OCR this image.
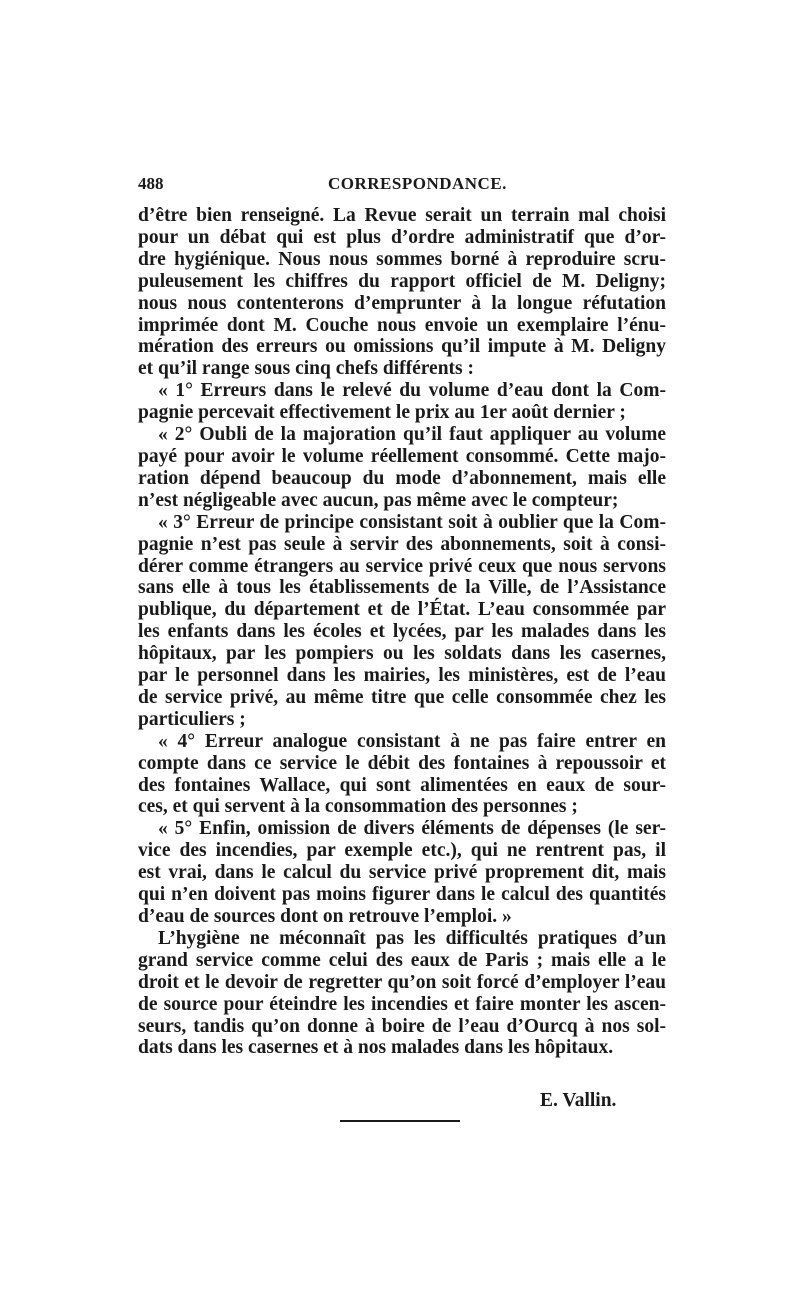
488	CORRESPONDANCE.
d’être bien renseigné. La Revue serait un terrain mal choisi
pour un débat qui est plus d’ordre administratif que d’or-
dre hygiénique. Nous nous sommes borné à reproduire scru-
puleusement les chiffres du rapport officiel de M. Deligny;
nous nous contenterons d’emprunter à la longue réfutation
imprimée dont M. Couche nous envoie un exemplaire l’énu-
mération des erreurs ou omissions qu’il impute à M. Deligny
et qu’il range sous cinq chefs différents :
« 1° Erreurs dans le relevé du volume d’eau dont la Com-
pagnie percevait effectivement le prix au 1er août dernier ;
« 2° Oubli de la majoration qu’il faut appliquer au volume
payé pour avoir le volume réellement consommé. Cette majo-
ration dépend beaucoup du mode d’abonnement, mais elle
n’est négligeable avec aucun, pas même avec le compteur;
« 3° Erreur de principe consistant soit à oublier que la Com-
pagnie n’est pas seule à servir des abonnements, soit à consi-
dérer comme étrangers au service privé ceux que nous servons
sans elle à tous les établissements de la Ville, de l’Assistance
publique, du département et de l’État. L’eau consommée par
les enfants dans les écoles et lycées, par les malades dans les
hôpitaux, par les pompiers ou les soldats dans les casernes,
par le personnel dans les mairies, les ministères, est de l’eau
de service privé, au même titre que celle consommée chez les
particuliers ;
« 4° Erreur analogue consistant à ne pas faire entrer en
compte dans ce service le débit des fontaines à repoussoir et
des fontaines Wallace, qui sont alimentées en eaux de sour-
ces, et qui servent à la consommation des personnes ;
« 5° Enfin, omission de divers éléments de dépenses (le ser-
vice des incendies, par exemple etc.), qui ne rentrent pas, il
est vrai, dans le calcul du service privé proprement dit, mais
qui n’en doivent pas moins figurer dans le calcul des quantités
d’eau de sources dont on retrouve l’emploi. »
L’hygiène ne méconnaît pas les difficultés pratiques d’un
grand service comme celui des eaux de Paris ; mais elle a le
droit et le devoir de regretter qu’on soit forcé d’employer l’eau
de source pour éteindre les incendies et faire monter les ascen-
seurs, tandis qu’on donne à boire de l’eau d’Ourcq à nos sol-
dats dans les casernes et à nos malades dans les hôpitaux.
E. Vallin.
